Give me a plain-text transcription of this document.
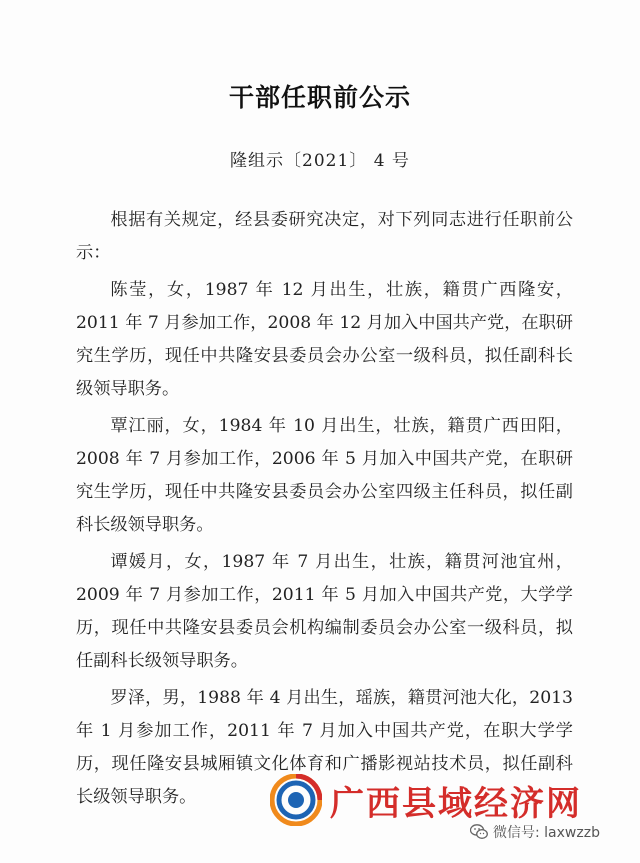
干部任职前公示
隆组示〔2021〕 4 号

根据有关规定，经县委研究决定，对下列同志进行任职前公示：

陈莹，女，1987 年 12 月出生，壮族，籍贯广西隆安，2011 年 7 月参加工作，2008 年 12 月加入中国共产党，在职研究生学历，现任中共隆安县委员会办公室一级科员，拟任副科长级领导职务。

覃江丽，女，1984 年 10 月出生，壮族，籍贯广西田阳，2008 年 7 月参加工作，2006 年 5 月加入中国共产党，在职研究生学历，现任中共隆安县委员会办公室四级主任科员，拟任副科长级领导职务。

谭媛月，女，1987 年 7 月出生，壮族，籍贯河池宜州，2009 年 7 月参加工作，2011 年 5 月加入中国共产党，大学学历，现任中共隆安县委员会机构编制委员会办公室一级科员，拟任副科长级领导职务。

罗泽，男，1988 年 4 月出生，瑶族，籍贯河池大化，2013 年 1 月参加工作，2011 年 7 月加入中国共产党，在职大学学历，现任隆安县城厢镇文化体育和广播影视站技术员，拟任副科长级领导职务。	广西县域经济网
微信号: laxwzzb
